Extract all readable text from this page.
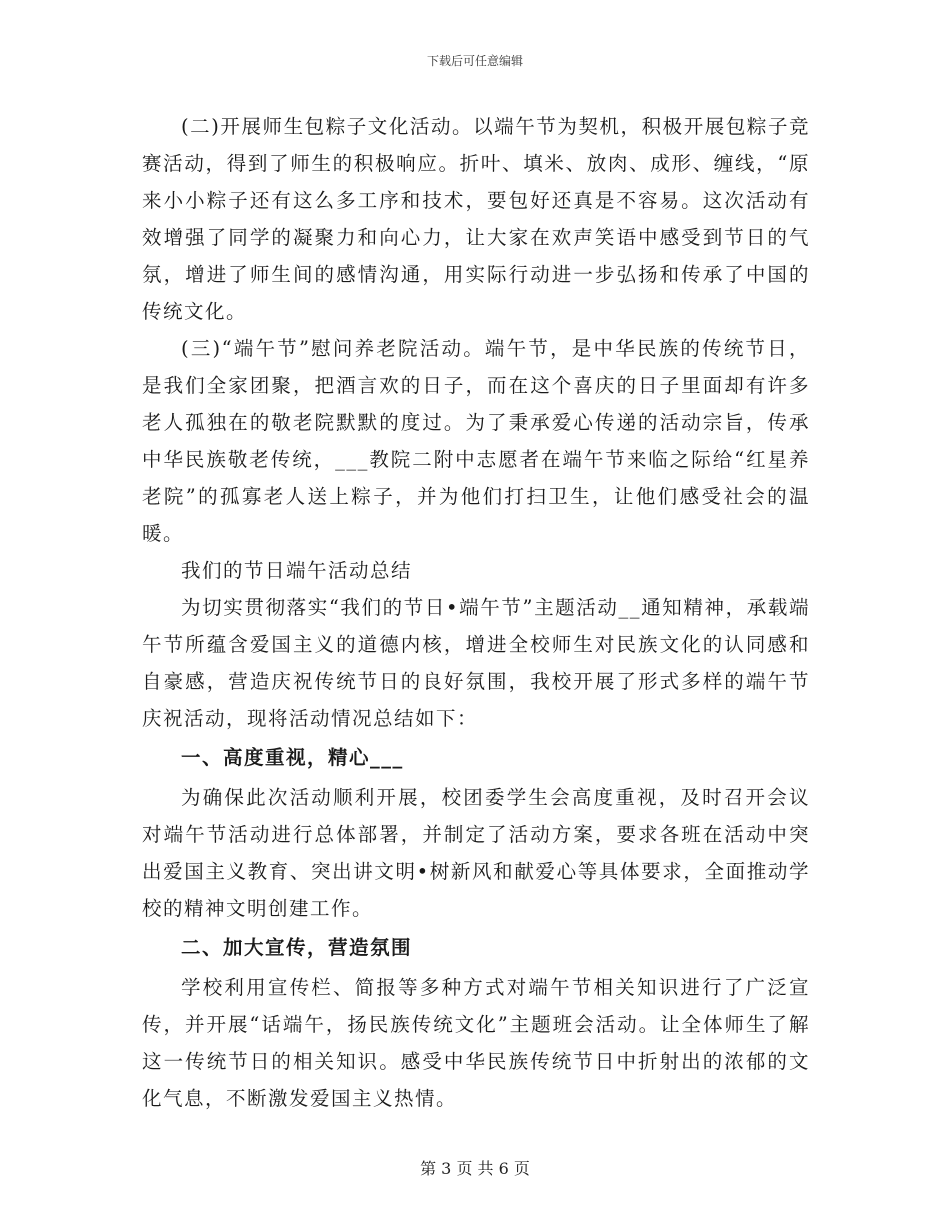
下载后可任意编辑

(二)开展师生包粽子文化活动。以端午节为契机，积极开展包粽子竞赛活动，得到了师生的积极响应。折叶、填米、放肉、成形、缠线，“原来小小粽子还有这么多工序和技术，要包好还真是不容易。这次活动有效增强了同学的凝聚力和向心力，让大家在欢声笑语中感受到节日的气氛，增进了师生间的感情沟通，用实际行动进一步弘扬和传承了中国的传统文化。

(三)“端午节”慰问养老院活动。端午节，是中华民族的传统节日，是我们全家团聚，把酒言欢的日子，而在这个喜庆的日子里面却有许多老人孤独在的敬老院默默的度过。为了秉承爱心传递的活动宗旨，传承中华民族敬老传统，___教院二附中志愿者在端午节来临之际给“红星养老院”的孤寡老人送上粽子，并为他们打扫卫生，让他们感受社会的温暖。

我们的节日端午活动总结

为切实贯彻落实“我们的节日•端午节”主题活动__通知精神，承载端午节所蕴含爱国主义的道德内核，增进全校师生对民族文化的认同感和自豪感，营造庆祝传统节日的良好氛围，我校开展了形式多样的端午节庆祝活动，现将活动情况总结如下：

一、高度重视，精心___

为确保此次活动顺利开展，校团委学生会高度重视，及时召开会议对端午节活动进行总体部署，并制定了活动方案，要求各班在活动中突出爱国主义教育、突出讲文明•树新风和献爱心等具体要求，全面推动学校的精神文明创建工作。

二、加大宣传，营造氛围

学校利用宣传栏、简报等多种方式对端午节相关知识进行了广泛宣传，并开展“话端午，扬民族传统文化”主题班会活动。让全体师生了解这一传统节日的相关知识。感受中华民族传统节日中折射出的浓郁的文化气息，不断激发爱国主义热情。

第 3 页 共 6 页
